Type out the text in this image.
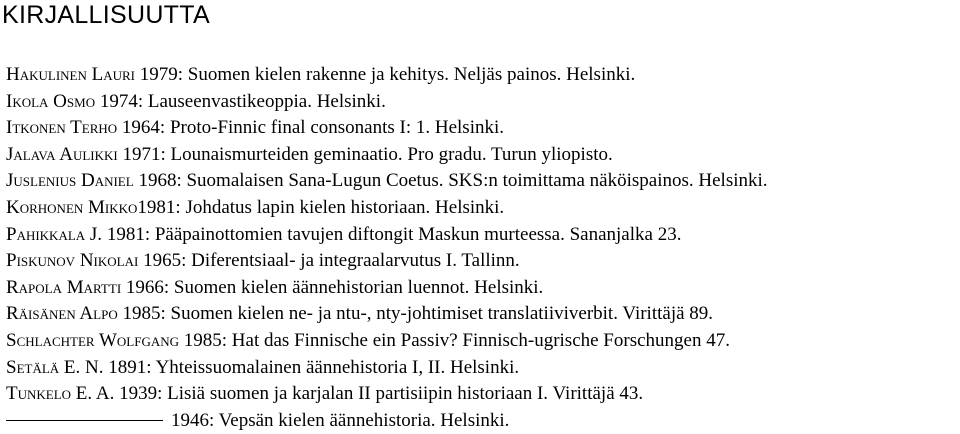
KIRJALLISUUTTA
Hakulinen Lauri 1979: Suomen kielen rakenne ja kehitys. Neljäs painos. Helsinki.
Ikola Osmo 1974: Lauseenvastikeoppia. Helsinki.
Itkonen Terho 1964: Proto-Finnic final consonants I: 1. Helsinki.
Jalava Aulikki 1971: Lounaismurteiden geminaatio. Pro gradu. Turun yliopisto.
Juslenius Daniel 1968: Suomalaisen Sana-Lugun Coetus. SKS:n toimittama näköispainos. Helsinki.
Korhonen Mikko1981: Johdatus lapin kielen historiaan. Helsinki.
Pahikkala J. 1981: Pääpainottomien tavujen diftongit Maskun murteessa. Sananjalka 23.
Piskunov Nikolai 1965: Diferentsiaal- ja integraalarvutus I. Tallinn.
Rapola Martti 1966: Suomen kielen äännehistorian luennot. Helsinki.
Räisänen Alpo 1985: Suomen kielen ne- ja ntu-, nty-johtimiset translatiiviverbit. Virittäjä 89.
Schlachter Wolfgang 1985: Hat das Finnische ein Passiv? Finnisch-ugrische Forschungen 47.
Setälä E. N. 1891: Yhteissuomalainen äännehistoria I, II. Helsinki.
Tunkelo E. A. 1939: Lisiä suomen ja karjalan II partisiipin historiaan I. Virittäjä 43.
1946: Vepsän kielen äännehistoria. Helsinki.
